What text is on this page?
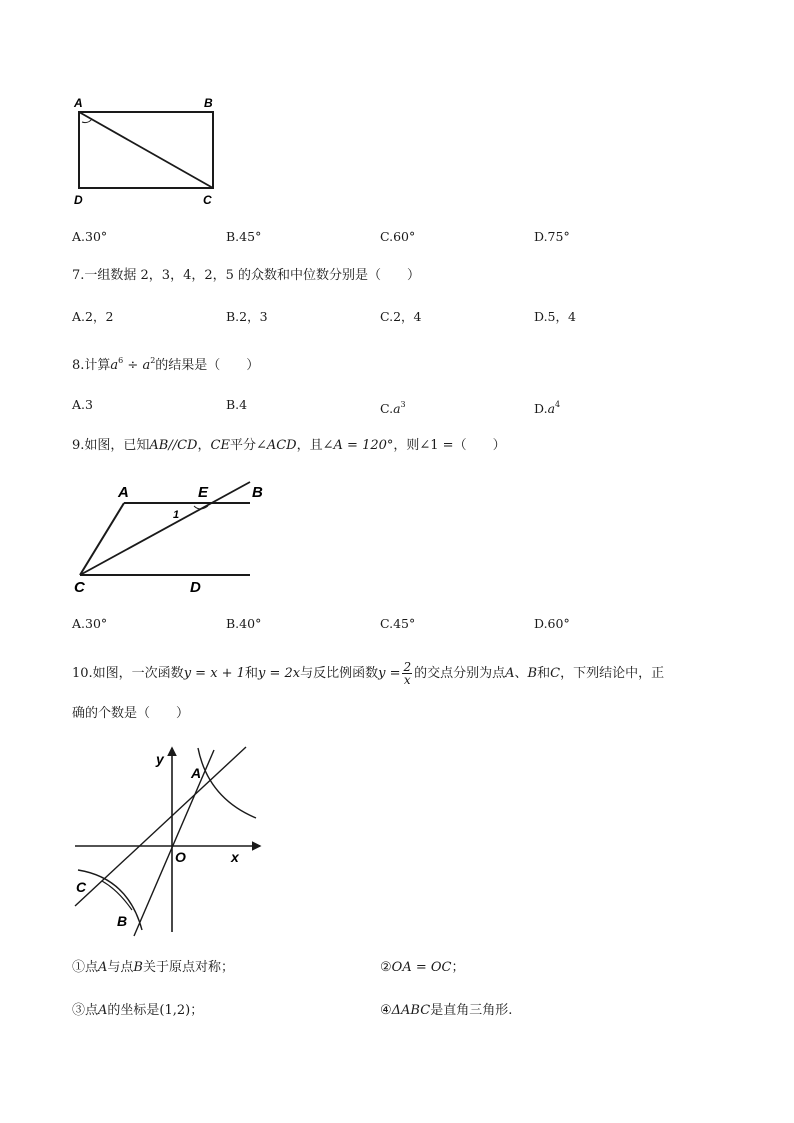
A	B
D	C
A.30°	B.45°	C.60°	D.75°
7.一组数据 2，3，4，2，5 的众数和中位数分别是（　　）
A.2，2	B.2，3	C.2，4	D.5，4
8.计算$a^6 \div a^2$的结果是（　　）
A.3	B.4	$C.a^3$	$D.a^4$
9.如图，已知AB//CD，CE平分∠ACD，且∠A = 120°，则∠1 =（　　）
A	E	B
C	D
1
A.30°	B.40°	C.45°	D.60°
10.如图，一次函数y = x + 1和y = 2x与反比例函数$y = \frac{2}{x}$ 的交点分别为点A、B和C，下列结论中，正
确的个数是（　　）
y
x
O
A
C
B
①点A与点B关于原点对称；	②OA = OC；
③点A的坐标是(1,2)；	④ΔABC是直角三角形.
